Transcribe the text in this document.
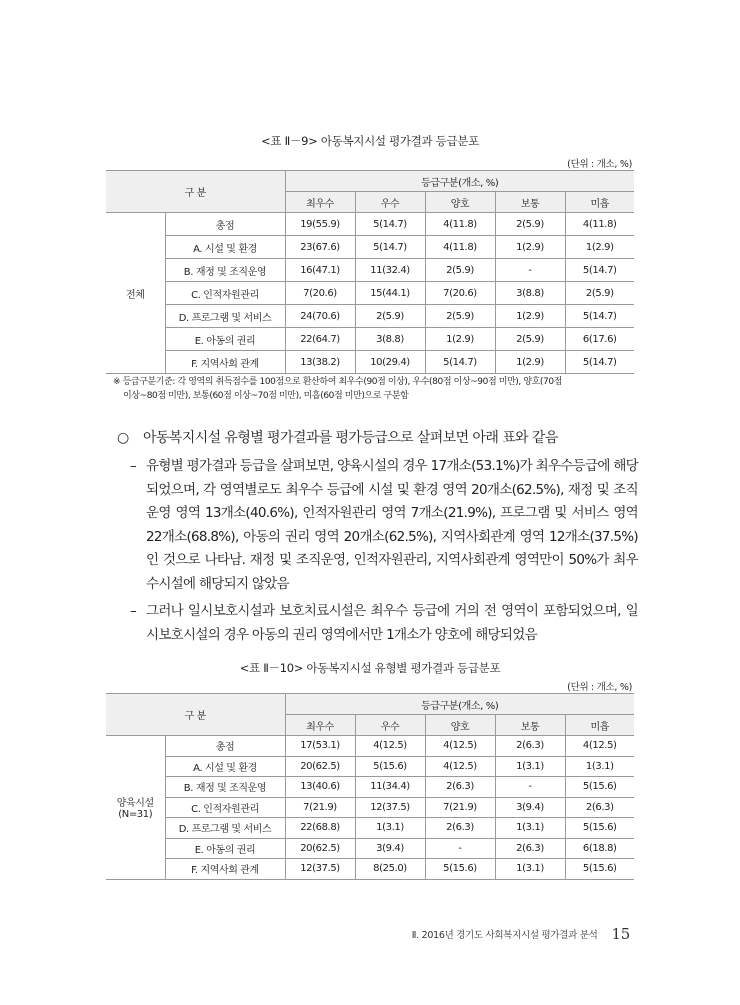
<표 Ⅱ－9> 아동복지시설 평가결과 등급분포
(단위 : 개소, %)
구 분		등급구분(개소, %)				
		최우수	우수	양호	보통	미흡
전체	총점	19(55.9)	5(14.7)	4(11.8)	2(5.9)	4(11.8)
	A. 시설 및 환경	23(67.6)	5(14.7)	4(11.8)	1(2.9)	1(2.9)
	B. 재정 및 조직운영	16(47.1)	11(32.4)	2(5.9)	-	5(14.7)
	C. 인적자원관리	7(20.6)	15(44.1)	7(20.6)	3(8.8)	2(5.9)
	D. 프로그램 및 서비스	24(70.6)	2(5.9)	2(5.9)	1(2.9)	5(14.7)
	E. 아동의 권리	22(64.7)	3(8.8)	1(2.9)	2(5.9)	6(17.6)
	F. 지역사회 관계	13(38.2)	10(29.4)	5(14.7)	1(2.9)	5(14.7)
※ 등급구분기준: 각 영역의 취득점수를 100점으로 환산하여 최우수(90점 이상), 우수(80점 이상~90점 미만), 양호(70점
이상~80점 미만), 보통(60점 이상~70점 미만), 미흡(60점 미만)으로 구분함
○ 아동복지시설 유형별 평가결과를 평가등급으로 살펴보면 아래 표와 같음
– 유형별 평가결과 등급을 살펴보면, 양육시설의 경우 17개소(53.1%)가 최우수등급에 해당되었으며, 각 영역별로도 최우수 등급에 시설 및 환경 영역 20개소(62.5%), 재정 및 조직운영 영역 13개소(40.6%), 인적자원관리 영역 7개소(21.9%), 프로그램 및 서비스 영역 22개소(68.8%), 아동의 권리 영역 20개소(62.5%), 지역사회관계 영역 12개소(37.5%)인 것으로 나타남. 재정 및 조직운영, 인적자원관리, 지역사회관계 영역만이 50%가 최우수시설에 해당되지 않았음
– 그러나 일시보호시설과 보호치료시설은 최우수 등급에 거의 전 영역이 포함되었으며, 일시보호시설의 경우 아동의 권리 영역에서만 1개소가 양호에 해당되었음
<표 Ⅱ－10> 아동복지시설 유형별 평가결과 등급분포
(단위 : 개소, %)
구 분		등급구분(개소, %)				
		최우수	우수	양호	보통	미흡
양육시설
(N=31)	총점	17(53.1)	4(12.5)	4(12.5)	2(6.3)	4(12.5)
	A. 시설 및 환경	20(62.5)	5(15.6)	4(12.5)	1(3.1)	1(3.1)
	B. 재정 및 조직운영	13(40.6)	11(34.4)	2(6.3)	-	5(15.6)
	C. 인적자원관리	7(21.9)	12(37.5)	7(21.9)	3(9.4)	2(6.3)
	D. 프로그램 및 서비스	22(68.8)	1(3.1)	2(6.3)	1(3.1)	5(15.6)
	E. 아동의 권리	20(62.5)	3(9.4)	-	2(6.3)	6(18.8)
	F. 지역사회 관계	12(37.5)	8(25.0)	5(15.6)	1(3.1)	5(15.6)
Ⅱ. 2016년 경기도 사회복지시설 평가결과 분석 15
